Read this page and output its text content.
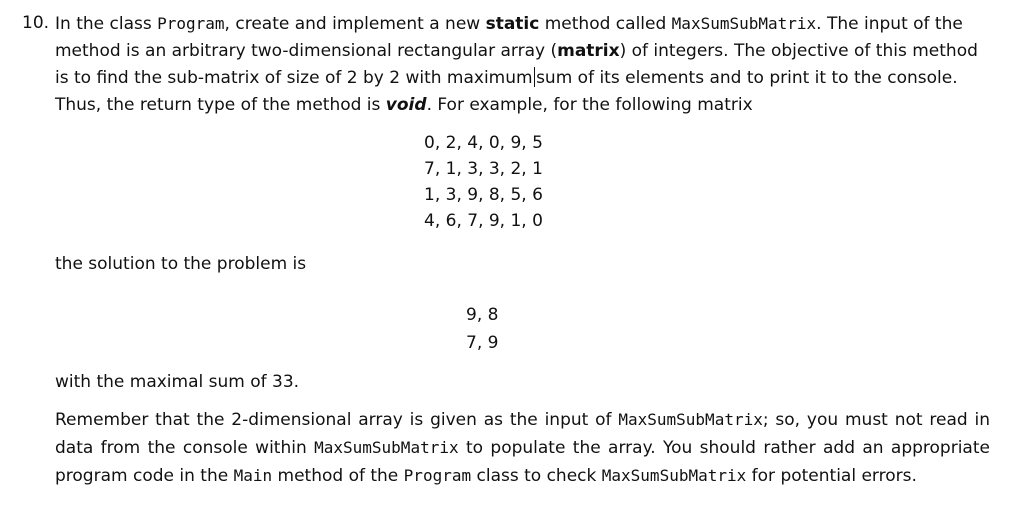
10. In the class Program, create and implement a new static method called MaxSumSubMatrix. The input of the method is an arbitrary two-dimensional rectangular array (matrix) of integers. The objective of this method is to find the sub-matrix of size of 2 by 2 with maximum sum of its elements and to print it to the console. Thus, the return type of the method is void. For example, for the following matrix

0, 2, 4, 0, 9, 5
7, 1, 3, 3, 2, 1
1, 3, 9, 8, 5, 6
4, 6, 7, 9, 1, 0

the solution to the problem is

9, 8
7, 9

with the maximal sum of 33.

Remember that the 2-dimensional array is given as the input of MaxSumSubMatrix; so, you must not read in data from the console within MaxSumSubMatrix to populate the array. You should rather add an appropriate program code in the Main method of the Program class to check MaxSumSubMatrix for potential errors.
